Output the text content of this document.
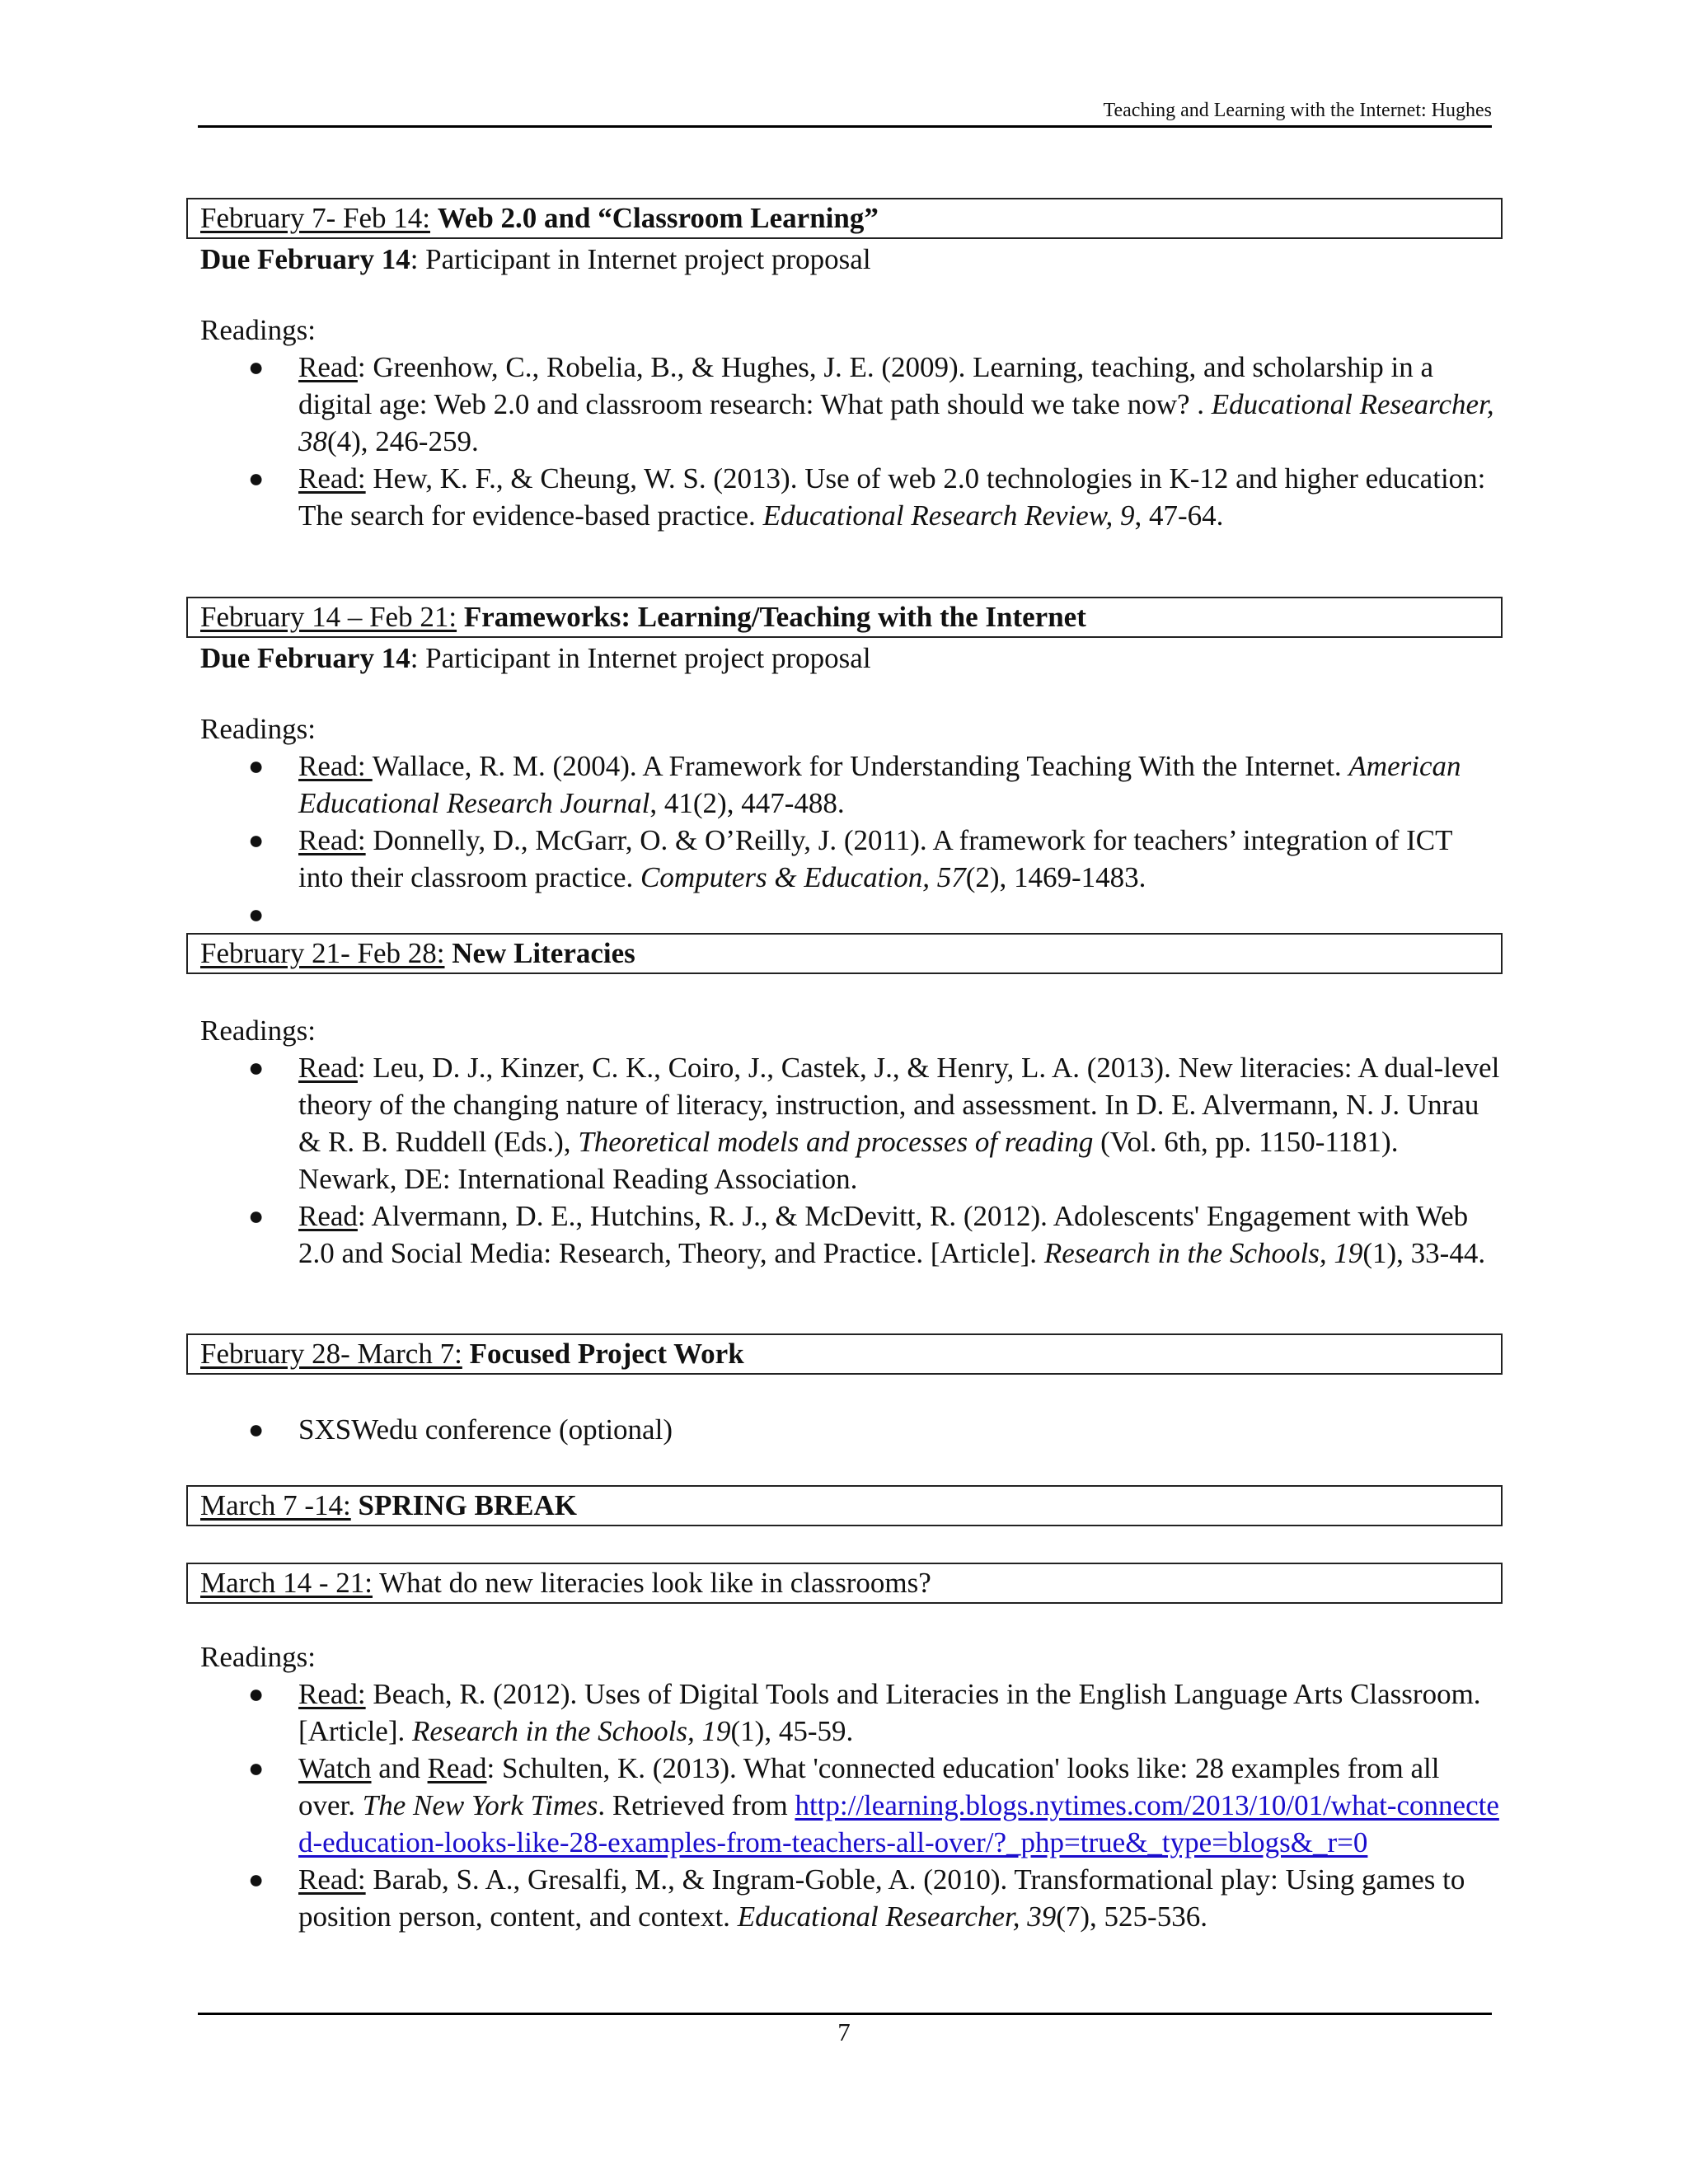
Teaching and Learning with the Internet: Hughes
February 7- Feb 14: Web 2.0 and “Classroom Learning”
Due February 14: Participant in Internet project proposal
Readings:
● Read: Greenhow, C., Robelia, B., & Hughes, J. E. (2009). Learning, teaching, and scholarship in a digital age: Web 2.0 and classroom research: What path should we take now? . Educational Researcher, 38(4), 246-259.
● Read: Hew, K. F., & Cheung, W. S. (2013). Use of web 2.0 technologies in K-12 and higher education: The search for evidence-based practice. Educational Research Review, 9, 47-64.
February 14 – Feb 21: Frameworks: Learning/Teaching with the Internet
Due February 14: Participant in Internet project proposal
Readings:
● Read: Wallace, R. M. (2004). A Framework for Understanding Teaching With the Internet. American Educational Research Journal, 41(2), 447-488.
● Read: Donnelly, D., McGarr, O. & O’Reilly, J. (2011). A framework for teachers’ integration of ICT into their classroom practice. Computers & Education, 57(2), 1469-1483.
●

February 21- Feb 28: New Literacies
Readings:
● Read: Leu, D. J., Kinzer, C. K., Coiro, J., Castek, J., & Henry, L. A. (2013). New literacies: A dual-level theory of the changing nature of literacy, instruction, and assessment. In D. E. Alvermann, N. J. Unrau & R. B. Ruddell (Eds.), Theoretical models and processes of reading (Vol. 6th, pp. 1150-1181). Newark, DE: International Reading Association.
● Read: Alvermann, D. E., Hutchins, R. J., & McDevitt, R. (2012). Adolescents' Engagement with Web 2.0 and Social Media: Research, Theory, and Practice. [Article]. Research in the Schools, 19(1), 33-44.
February 28- March 7: Focused Project Work
● SXSWedu conference (optional)
March 7 -14: SPRING BREAK
March 14 - 21: What do new literacies look like in classrooms?
Readings:
● Read: Beach, R. (2012). Uses of Digital Tools and Literacies in the English Language Arts Classroom. [Article]. Research in the Schools, 19(1), 45-59.
● Watch and Read: Schulten, K. (2013). What 'connected education' looks like: 28 examples from all over. The New York Times. Retrieved from http://learning.blogs.nytimes.com/2013/10/01/what-connected-education-looks-like-28-examples-from-teachers-all-over/?_php=true&_type=blogs&_r=0
● Read: Barab, S. A., Gresalfi, M., & Ingram-Goble, A. (2010). Transformational play: Using games to position person, content, and context. Educational Researcher, 39(7), 525-536.
7
